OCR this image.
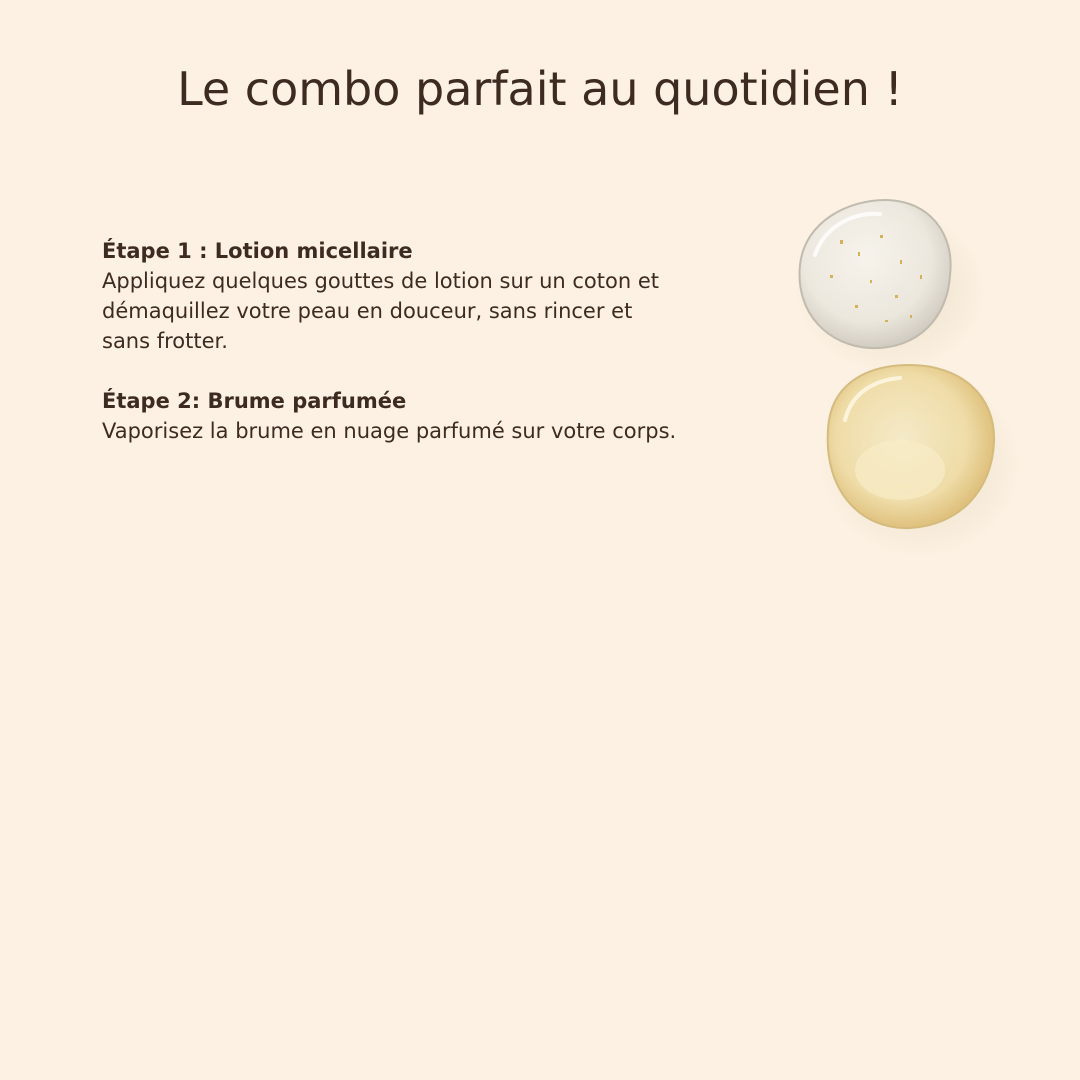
Le combo parfait au quotidien !
Étape 1 : Lotion micellaire
Appliquez quelques gouttes de lotion sur un coton et démaquillez votre peau en douceur, sans rincer et sans frotter.
Étape 2: Brume parfumée
Vaporisez la brume en nuage parfumé sur votre corps.
